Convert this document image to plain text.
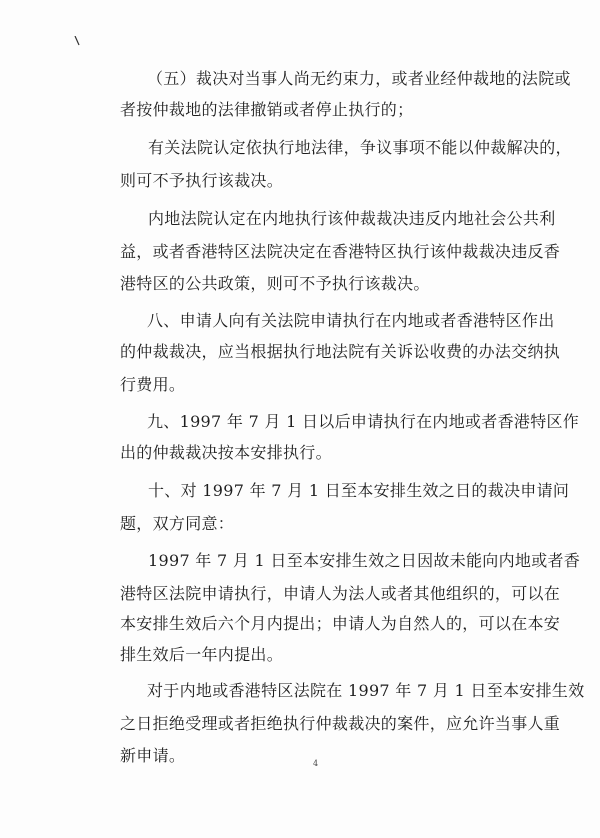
（五）裁决对当事人尚无约束力，或者业经仲裁地的法院或
者按仲裁地的法律撤销或者停止执行的；
有关法院认定依执行地法律，争议事项不能以仲裁解决的，
则可不予执行该裁决。
内地法院认定在内地执行该仲裁裁决违反内地社会公共利
益，或者香港特区法院决定在香港特区执行该仲裁裁决违反香
港特区的公共政策，则可不予执行该裁决。
八、申请人向有关法院申请执行在内地或者香港特区作出
的仲裁裁决，应当根据执行地法院有关诉讼收费的办法交纳执
行费用。
九、1997 年 7 月 1 日以后申请执行在内地或者香港特区作
出的仲裁裁决按本安排执行。
十、对 1997 年 7 月 1 日至本安排生效之日的裁决申请问
题，双方同意：
1997 年 7 月 1 日至本安排生效之日因故未能向内地或者香
港特区法院申请执行，申请人为法人或者其他组织的，可以在
本安排生效后六个月内提出；申请人为自然人的，可以在本安
排生效后一年内提出。
对于内地或香港特区法院在 1997 年 7 月 1 日至本安排生效
之日拒绝受理或者拒绝执行仲裁裁决的案件，应允许当事人重
新申请。	4
